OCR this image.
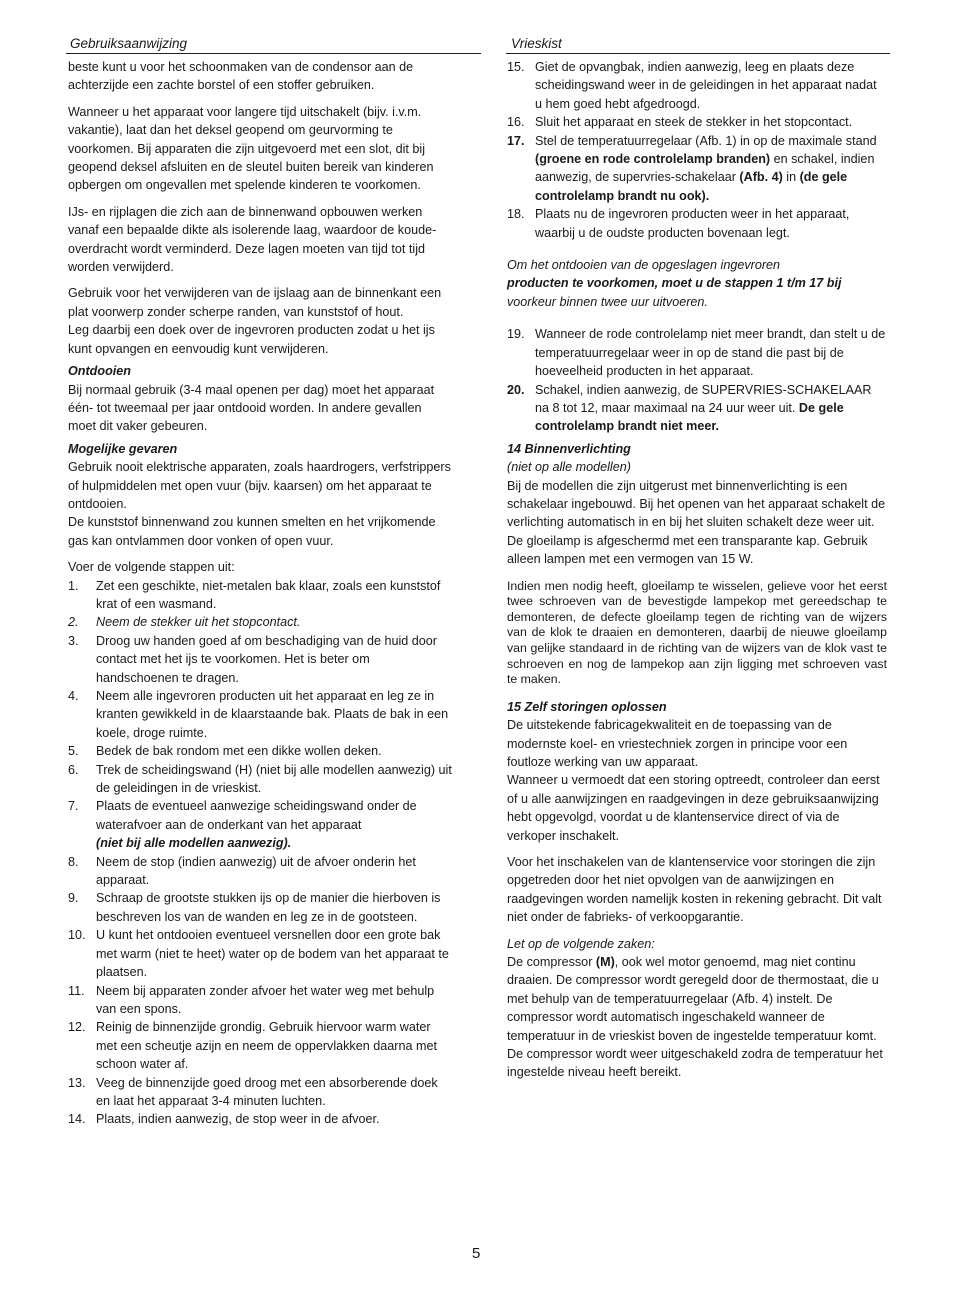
Gebruiksaanwijzing	Vrieskist

beste kunt u voor het schoonmaken van de condensor aan de achterzijde een zachte borstel of een stoffer gebruiken.

Wanneer u het apparaat voor langere tijd uitschakelt (bijv. i.v.m. vakantie), laat dan het deksel geopend om geurvorming te voorkomen. Bij apparaten die zijn uitgevoerd met een slot, dit bij geopend deksel afsluiten en de sleutel buiten bereik van kinderen opbergen om ongevallen met spelende kinderen te voorkomen.

IJs- en rijplagen die zich aan de binnenwand opbouwen werken vanaf een bepaalde dikte als isolerende laag, waardoor de koude-overdracht wordt verminderd. Deze lagen moeten van tijd tot tijd worden verwijderd.

Gebruik voor het verwijderen van de ijslaag aan de binnenkant een plat voorwerp zonder scherpe randen, van kunststof of hout.

Leg daarbij een doek over de ingevroren producten zodat u het ijs kunt opvangen en eenvoudig kunt verwijderen.

Ontdooien

Bij normaal gebruik (3-4 maal openen per dag) moet het apparaat één- tot tweemaal per jaar ontdooid worden. In andere gevallen moet dit vaker gebeuren.

Mogelijke gevaren

Gebruik nooit elektrische apparaten, zoals haardrogers, verfstrippers of hulpmiddelen met open vuur (bijv. kaarsen) om het apparaat te ontdooien.

De kunststof binnenwand zou kunnen smelten en het vrijkomende gas kan ontvlammen door vonken of open vuur.

Voer de volgende stappen uit:

1. Zet een geschikte, niet-metalen bak klaar, zoals een kunststof krat of een wasmand.
2. Neem de stekker uit het stopcontact.
3. Droog uw handen goed af om beschadiging van de huid door contact met het ijs te voorkomen. Het is beter om handschoenen te dragen.
4. Neem alle ingevroren producten uit het apparaat en leg ze in kranten gewikkeld in de klaarstaande bak. Plaats de bak in een koele, droge ruimte.
5. Bedek de bak rondom met een dikke wollen deken.
6. Trek de scheidingswand (H) (niet bij alle modellen aanwezig) uit de geleidingen in de vrieskist.
7. Plaats de eventueel aanwezige scheidingswand onder de waterafvoer aan de onderkant van het apparaat
(niet bij alle modellen aanwezig).
8. Neem de stop (indien aanwezig) uit de afvoer onderin het apparaat.
9. Schraap de grootste stukken ijs op de manier die hierboven is beschreven los van de wanden en leg ze in de gootsteen.
10. U kunt het ontdooien eventueel versnellen door een grote bak met warm (niet te heet) water op de bodem van het apparaat te plaatsen.
11. Neem bij apparaten zonder afvoer het water weg met behulp van een spons.
12. Reinig de binnenzijde grondig. Gebruik hiervoor warm water met een scheutje azijn en neem de oppervlakken daarna met schoon water af.
13. Veeg de binnenzijde goed droog met een absorberende doek en laat het apparaat 3-4 minuten luchten.
14. Plaats, indien aanwezig, de stop weer in de afvoer.
15. Giet de opvangbak, indien aanwezig, leeg en plaats deze scheidingswand weer in de geleidingen in het apparaat nadat u hem goed hebt afgedroogd.
16. Sluit het apparaat en steek de stekker in het stopcontact.
17. Stel de temperatuurregelaar (Afb. 1) in op de maximale stand (groene en rode controlelamp branden) en schakel, indien aanwezig, de supervries-schakelaar (Afb. 4) in (de gele controlelamp brandt nu ook).
18. Plaats nu de ingevroren producten weer in het apparaat, waarbij u de oudste producten bovenaan legt.

Om het ontdooien van de opgeslagen ingevroren

producten te voorkomen, moet u de stappen 1 t/m 17 bij

voorkeur binnen twee uur uitvoeren.

19. Wanneer de rode controlelamp niet meer brandt, dan stelt u de temperatuurregelaar weer in op de stand die past bij de hoeveelheid producten in het apparaat.
20. Schakel, indien aanwezig, de SUPERVRIES-SCHAKELAAR na 8 tot 12, maar maximaal na 24 uur weer uit. De gele controlelamp brandt niet meer.

14 Binnenverlichting

(niet op alle modellen)

Bij de modellen die zijn uitgerust met binnenverlichting is een schakelaar ingebouwd. Bij het openen van het apparaat schakelt de verlichting automatisch in en bij het sluiten schakelt deze weer uit.

De gloeilamp is afgeschermd met een transparante kap. Gebruik alleen lampen met een vermogen van 15 W.

Indien men nodig heeft, gloeilamp te wisselen, gelieve voor het eerst twee schroeven van de bevestigde lampekop met gereedschap te demonteren, de defecte gloeilamp tegen de richting van de wijzers van de klok te draaien en demonteren, daarbij de nieuwe gloeilamp van gelijke standaard in de richting van de wijzers van de klok vast te schroeven en nog de lampekop aan zijn ligging met schroeven vast te maken.

15 Zelf storingen oplossen

De uitstekende fabricagekwaliteit en de toepassing van de modernste koel- en vriestechniek zorgen in principe voor een foutloze werking van uw apparaat.

Wanneer u vermoedt dat een storing optreedt, controleer dan eerst of u alle aanwijzingen en raadgevingen in deze gebruiksaanwijzing hebt opgevolgd, voordat u de klantenservice direct of via de verkoper inschakelt.

Voor het inschakelen van de klantenservice voor storingen die zijn opgetreden door het niet opvolgen van de aanwijzingen en raadgevingen worden namelijk kosten in rekening gebracht. Dit valt niet onder de fabrieks- of verkoopgarantie.

Let op de volgende zaken:

De compressor (M), ook wel motor genoemd, mag niet continu draaien. De compressor wordt geregeld door de thermostaat, die u met behulp van de temperatuurregelaar (Afb. 4) instelt. De compressor wordt automatisch ingeschakeld wanneer de temperatuur in de vrieskist boven de ingestelde temperatuur komt. De compressor wordt weer uitgeschakeld zodra de temperatuur het ingestelde niveau heeft bereikt.

5
